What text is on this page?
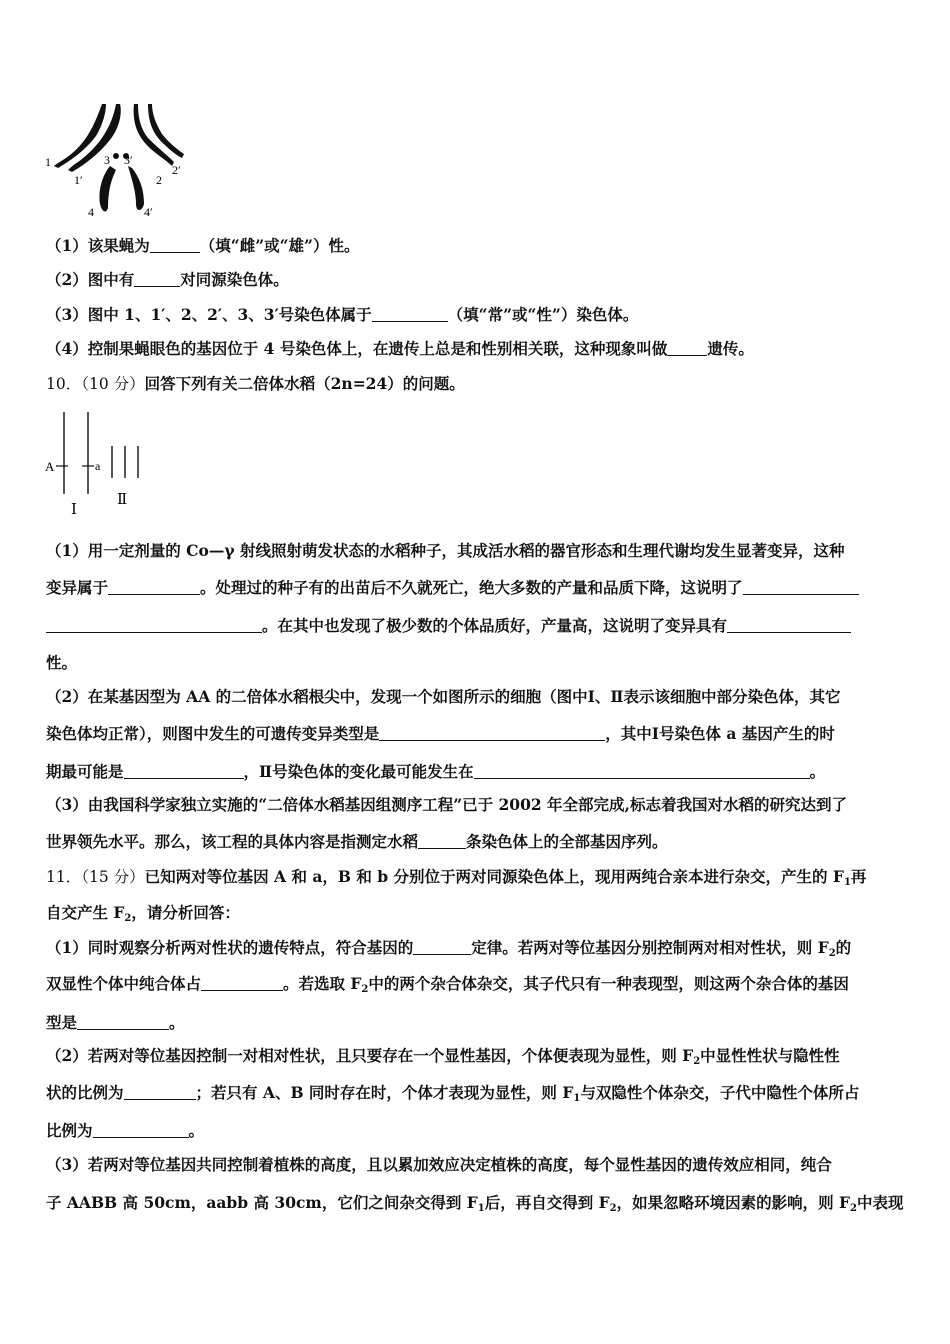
1
1′
3 3′
2
2′
4	4′
（1）该果蝇为	（填“雌”或“雄”）性。
（2）图中有	对同源染色体。
（3）图中 1、1′、2、2′、3、3′号染色体属于	（填“常”或“性”）染色体。
（4）控制果蝇眼色的基因位于 4 号染色体上，在遗传上总是和性别相关联，这种现象叫做	遗传。
10．（10 分）回答下列有关二倍体水稻（2n=24）的问题。
A	a
Ⅰ
Ⅱ
（1）用一定剂量的 Co—γ 射线照射萌发状态的水稻种子，其成活水稻的器官形态和生理代谢均发生显著变异，这种
变异属于	。处理过的种子有的出苗后不久就死亡，绝大多数的产量和品质下降，这说明了
。在其中也发现了极少数的个体品质好，产量高，这说明了变异具有
性。
（2）在某基因型为 AA 的二倍体水稻根尖中，发现一个如图所示的细胞（图中Ⅰ、Ⅱ表示该细胞中部分染色体，其它
染色体均正常），则图中发生的可遗传变异类型是	，其中Ⅰ号染色体 a 基因产生的时
期最可能是	，Ⅱ号染色体的变化最可能发生在	。
（3）由我国科学家独立实施的“二倍体水稻基因组测序工程”已于 2002 年全部完成,标志着我国对水稻的研究达到了
世界领先水平。那么，该工程的具体内容是指测定水稻	条染色体上的全部基因序列。
11．（15 分）已知两对等位基因 A 和 a，B 和 b 分别位于两对同源染色体上，现用两纯合亲本进行杂交，产生的 $F_1$再
自交产生 $F_2$，请分析回答：
（1）同时观察分析两对性状的遗传特点，符合基因的	定律。若两对等位基因分别控制两对相对性状，则 $F_2$的
双显性个体中纯合体占	。若选取 $F_2$中的两个杂合体杂交，其子代只有一种表现型，则这两个杂合体的基因
型是	。
（2）若两对等位基因控制一对相对性状，且只要存在一个显性基因，个体便表现为显性，则 $F_2$中显性性状与隐性性
状的比例为	；若只有 A、B 同时存在时，个体才表现为显性，则 $F_1$与双隐性个体杂交，子代中隐性个体所占
比例为	。
（3）若两对等位基因共同控制着植株的高度，且以累加效应决定植株的高度，每个显性基因的遗传效应相同，纯合
子 AABB 高 50cm，aabb 高 30cm，它们之间杂交得到 $F_1$后，再自交得到 $F_2$，如果忽略环境因素的影响，则 $F_2$中表现
